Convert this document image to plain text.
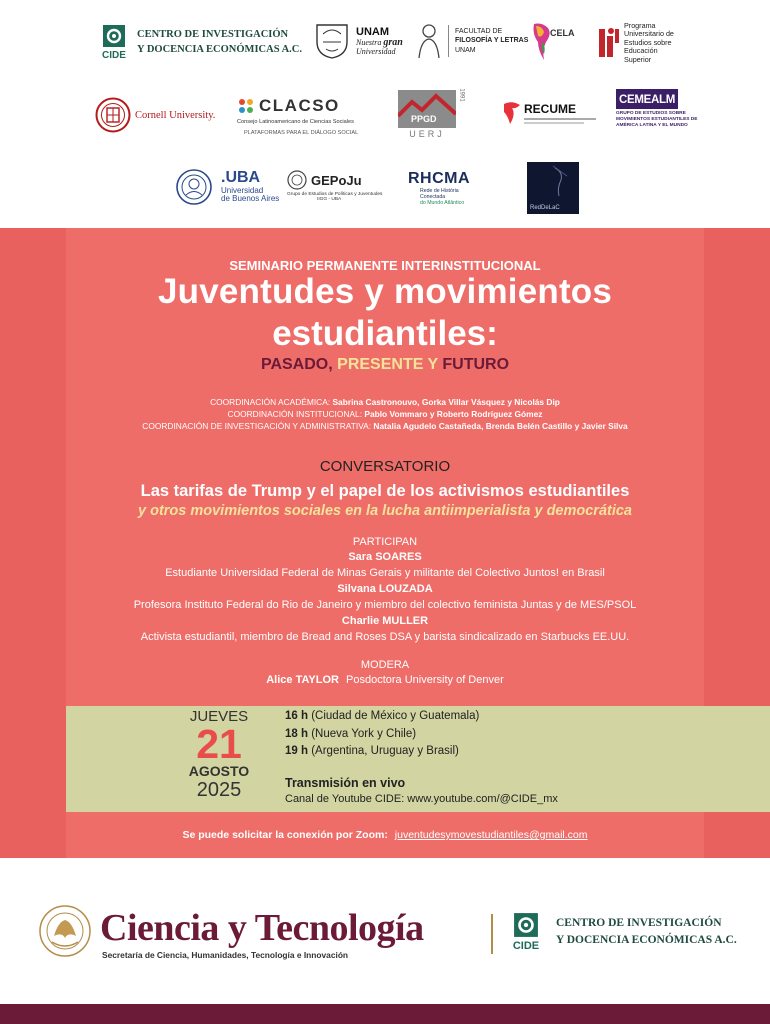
CIDE
CENTRO DE INVESTIGACIÓN
Y DOCENCIA ECONÓMICAS A.C.
UNAM
Nuestra gran
Universidad
FACULTAD DE
FILOSOFÍA Y LETRAS
UNAM
CELA
Programa
Universitario de
Estudios sobre
Educación
Superior
Cornell University.	CLACSO
Consejo Latinoamericano de Ciencias Sociales
PLATAFORMAS PARA EL DIÁLOGO SOCIAL
PPGD
1991
UERJ
RECUME
CEMEALM
GRUPO DE ESTUDIOS SOBRE
MOVIMIENTOS ESTUDIANTILES DE
AMÉRICA LATINA Y EL MUNDO
.UBA
Universidad
de Buenos Aires
GEPoJu
Grupo de Estudios de Políticas y Juventudes
IIGG - UBA
RHCMA
Rede de História
Conectada
do Mundo Atlântico
RedDeLaC
SEMINARIO PERMANENTE INTERINSTITUCIONAL
Juventudes y movimientos
estudiantiles:
PASADO, PRESENTE Y FUTURO
COORDINACIÓN ACADÉMICA: Sabrina Castronouvo, Gorka Villar Vásquez y Nicolás Dip
COORDINACIÓN INSTITUCIONAL: Pablo Vommaro y Roberto Rodríguez Gómez
COORDINACIÓN DE INVESTIGACIÓN Y ADMINISTRATIVA: Natalia Agudelo Castañeda, Brenda Belén Castillo y Javier Silva
CONVERSATORIO
Las tarifas de Trump y el papel de los activismos estudiantiles
y otros movimientos sociales en la lucha antiimperialista y democrática
PARTICIPAN
Sara SOARES
Estudiante Universidad Federal de Minas Gerais y militante del Colectivo Juntos! en Brasil
Silvana LOUZADA
Profesora Instituto Federal do Rio de Janeiro y miembro del colectivo feminista Juntas y de MES/PSOL
Charlie MULLER
Activista estudiantil, miembro de Bread and Roses DSA y barista sindicalizado en Starbucks EE.UU.
MODERA
Alice TAYLOR Posdoctora University of Denver
JUEVES
21
AGOSTO
2025
16 h (Ciudad de México y Guatemala)
18 h (Nueva York y Chile)
19 h (Argentina, Uruguay y Brasil)
Transmisión en vivo
Canal de Youtube CIDE: www.youtube.com/@CIDE_mx
Se puede solicitar la conexión por Zoom: juventudesymovestudiantiles@gmail.com
Ciencia y Tecnología
Secretaría de Ciencia, Humanidades, Tecnología e Innovación
CIDE
CENTRO DE INVESTIGACIÓN
Y DOCENCIA ECONÓMICAS A.C.
